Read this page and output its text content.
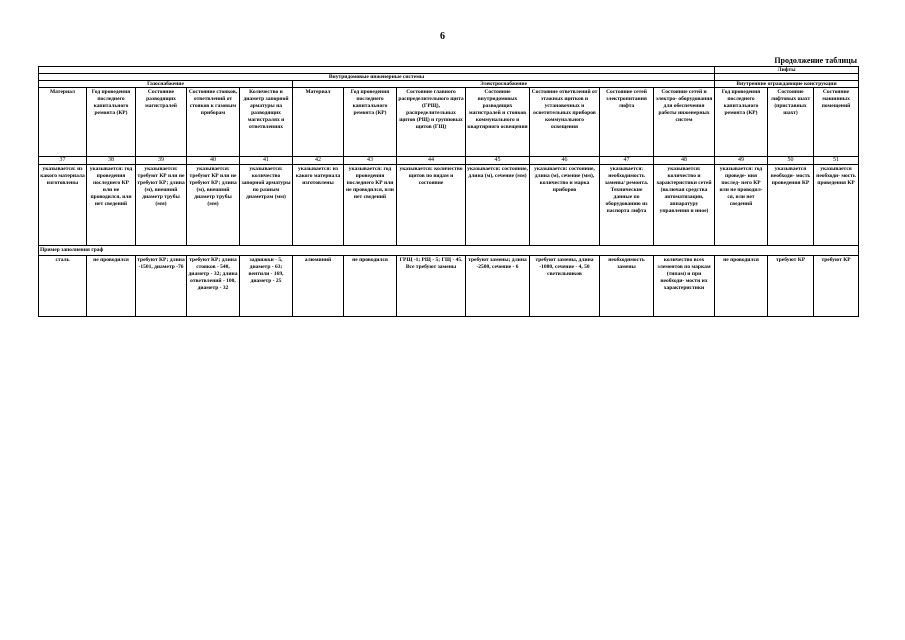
6
Продолжение таблицы
												Лифты		
Внутридомовые инженерные системы														
Газоснабжение					Электроснабжение							Внутренние ограждающие конструкции		
Материал	Год проведения последнего капитального ремонта (КР)	Состояние разводящих магистралей	Состояние стояков, ответвлений от стояков к газовым приборам	Количество и диаметр запорной арматуры на разводящих магистралях и ответвлениях	Материал	Год проведения последнего капитального ремонта (КР)	Состояние главного распределительного щита (ГРЩ), распределительных щитов (РЩ) и групповых щитов (ГЩ)	Состояние внутридомовых разводящих магистралей и стояков коммунального и квартирного освещения	Состояние ответвлений от этажных щитков и установочных и осветительных приборов коммунального освещения	Состояние сетей электропитания лифта	Состояние сетей и электро- оборудования для обеспечения работы инженерных систем	Год проведения последнего капитального ремонта (КР)	Состояние лифтовых шахт (приставных шахт)	Состояние машинных помещений
37	38	39	40	41	42	43	44	45	46	47	48	49	50	51
указывается: из какого материала изготовлены	указывается: год проведения последнего КР или не проводился, или нет сведений	указывается: требуют КР или не требуют КР; длина (м), внешний диаметр трубы (мм)	указывается: требуют КР или не требуют КР; длина (м), внешний диаметр трубы (мм)	указывается: количество запорной арматуры по разным диаметрам (мм)	указывается: из какого материала изготовлены	указывается: год проведения последнего КР или не проводился, или нет сведений	указывается: количество щитов по видам и состояние	указывается: состояние, длина (м), сечение (мм)	указывается: состояние, длина (м), сечение (мм), количество и марка приборов	указывается: необходимость замены/ ремонта. Технические данные по оборудованию из паспорта лифта	указывается: количество и характеристики сетей (включая средства автоматизации, аппаратуру управления и иное)	указывается: год проведе- ния послед- него КР или не проводил- ся, или нет сведений	указывается необходи- мость проведения КР	указывается необходи- мость проведения КР
Пример заполнения граф														
сталь	не проводился	требуют КР; длина -1501, диаметр -76	требуют КР; длина стояков - 540, диаметр - 32; длина ответвлений - 100, диаметр - 32	задвижки - 5, диаметр - 63; вентили - 169, диаметр - 25	алюминий	не проводился	ГРЩ -1; РЩ - 5; ГЩ - 45. Все требуют замены	требуют замены; длина -2500, сечение - 6	требуют замены, длина -1080, сечение - 4, 50 светильников	необходимость замены	количество всех элементов по маркам (типам) и при необходи- мости их характеристики	не проводился	требуют КР	требуют КР
